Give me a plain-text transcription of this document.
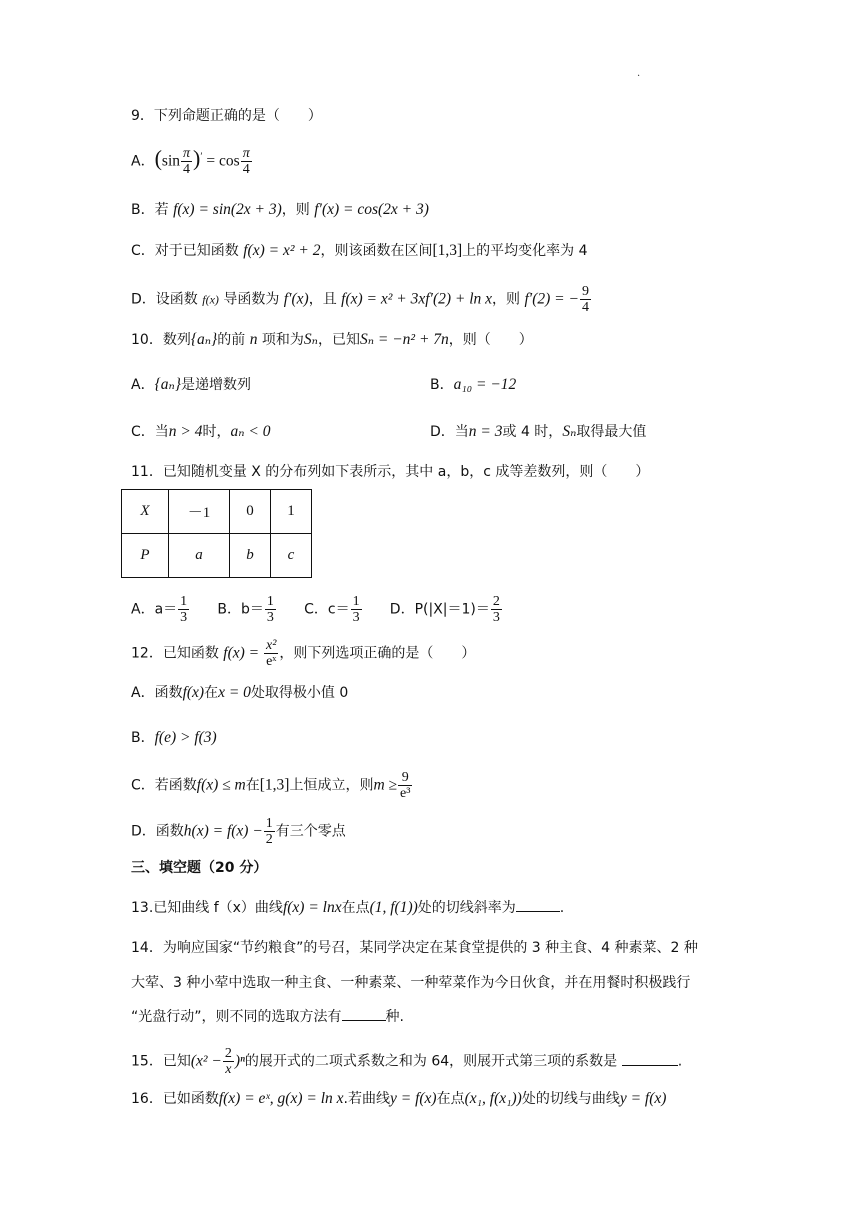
.
9．下列命题正确的是（　　）
A．$(\sin \frac{\pi}{4} )' = \cos \frac{\pi}{4}$
B．若 f(x) = sin(2x + 3)，则 f′(x) = cos(2x + 3)
C．对于已知函数 f(x) = x² + 2，则该函数在区间[1,3]上的平均变化率为 4
D．设函数 f(x) 导函数为 f′(x)，且 f(x) = x² + 3xf′(2) + ln x，则 f′(2) = − $\frac{9}{4}$
10．数列{aₙ}的前 n 项和为Sₙ，已知Sₙ = −n² + 7n，则（　　）
A．{aₙ}是递增数列	B．a₁₀ = −12
C．当n > 4时，aₙ < 0	D．当n = 3或 4 时，Sₙ取得最大值
11．已知随机变量 X 的分布列如下表所示，其中 a，b，c 成等差数列，则（　　）
X	－1	0	1
P	a	b	c
A．$a= \frac{1}{3}$ B．$b= \frac{1}{3}$ C．$c= \frac{1}{3}$ D．$P(|X|=1)= \frac{2}{3}$
12．已知函数 $f(x) = \frac{\text{x²}}{\text{eˣ}}$ ，则下列选项正确的是（　　）
A．函数f(x)在x = 0处取得极小值 0
B．f(e) > f(3)
C．若函数f(x) ≤ m在[1,3]上恒成立，则$m \ge \frac{9}{\text{e³}}$
D．函数$h(x) = f(x) - \frac{1}{2}$ 有三个零点
三、填空题（20 分）
13.已知曲线 f（x）曲线f(x) = lnx在点(1, f(1))处的切线斜率为	.
14．为响应国家“节约粮食”的号召，某同学决定在某食堂提供的 3 种主食、4 种素菜、2 种
大荤、3 种小荤中选取一种主食、一种素菜、一种荤菜作为今日伙食，并在用餐时积极践行
“光盘行动”，则不同的选取方法有	种.
15．已知$(x^2 - \frac{2}{x} )^n$的展开式的二项式系数之和为 64，则展开式第三项的系数是	.
16．已如函数f(x) = eˣ, g(x) = ln x.若曲线y = f(x)在点(x₁, f(x₁))处的切线与曲线y = f(x)
